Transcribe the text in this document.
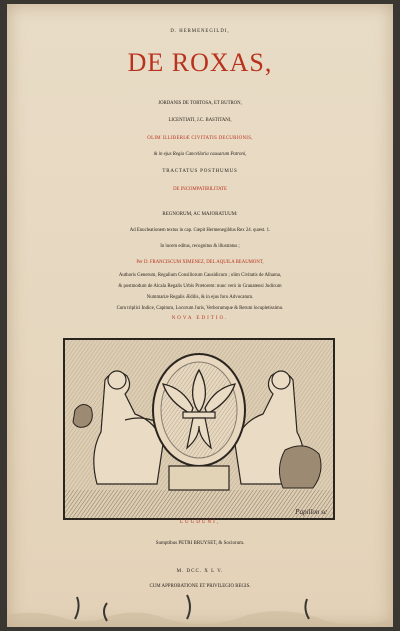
D. HERMENEGILDI,
DE ROXAS,
JORDANIS DE TORTOSA, ET BUTRON,
LICENTIATI, J.C. BASTITANI,
OLIM ILLIBERIÆ CIVITATIS DECURIONIS,
& in ejus Regia Cancellaria causarum Patroni,
TRACTATUS POSTHUMUS
DE INCOMPATIBILITATE
REGNORUM, AC MAJORATUUM:
Ad Enucleationem textus in cap. Cœpit Hermenegildus Rex 24. quæst. 1.
In lucem editus, recognitus & illustratus ;
Per D. FRANCISCUM XIMENEZ, DEL AQUILA BEAUMONT,
Authoris Generum, Regalium Consiliorum Causidicum ; olim Civitatis de Alhama,
& postmodum de Alcala Regalis Urbis Prætorem: nunc verò in Granatensi Judicum
Nummariæ Regalis Ædilis, & in ejus foro Advocatum.
Cum triplici Indice, Capitum, Locorum Juris, Verborumque & Rerum locupletissimo.
NOVA EDITIO.
Papillon sc
LUGDUNI,
Sumptibus PETRI BRUYSET, & Sociorum.
M. DCC. X L V.
CUM APPROBATIONE ET PRIVILEGIO REGIS.
